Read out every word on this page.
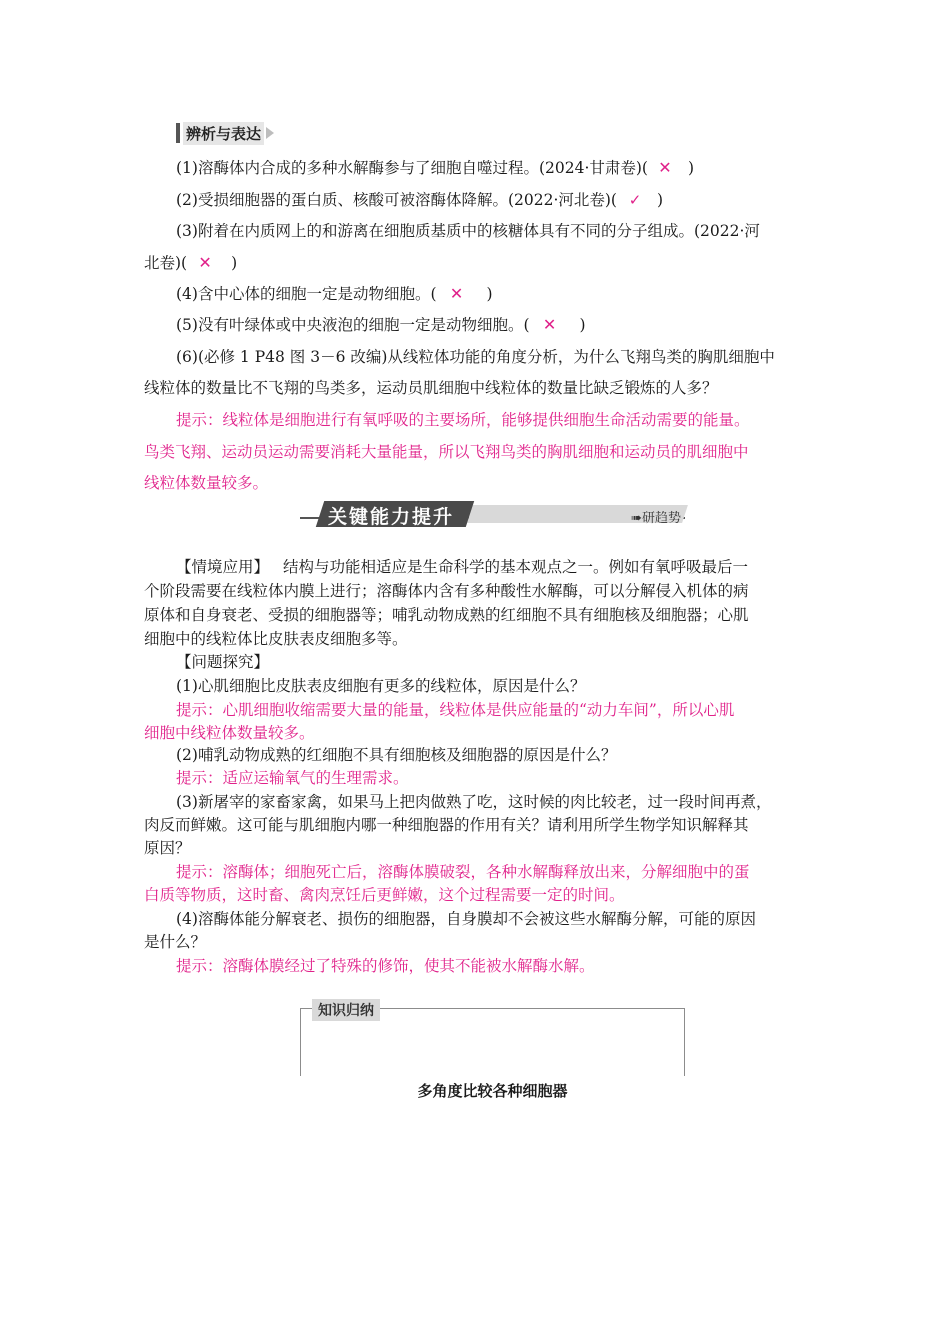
辨析与表达
(1)溶酶体内合成的多种水解酶参与了细胞自噬过程。(2024·甘肃卷)( ✕ )
(2)受损细胞器的蛋白质、核酸可被溶酶体降解。(2022·河北卷)( ✓ )
(3)附着在内质网上的和游离在细胞质基质中的核糖体具有不同的分子组成。(2022·河
北卷)( ✕ )
(4)含中心体的细胞一定是动物细胞。( ✕ )
(5)没有叶绿体或中央液泡的细胞一定是动物细胞。( ✕ )
(6)(必修 1 P48 图 3－6 改编)从线粒体功能的角度分析，为什么飞翔鸟类的胸肌细胞中
线粒体的数量比不飞翔的鸟类多，运动员肌细胞中线粒体的数量比缺乏锻炼的人多？
提示：线粒体是细胞进行有氧呼吸的主要场所，能够提供细胞生命活动需要的能量。
鸟类飞翔、运动员运动需要消耗大量能量，所以飞翔鸟类的胸肌细胞和运动员的肌细胞中
线粒体数量较多。
关键能力提升	➠研趋势
【情境应用】 结构与功能相适应是生命科学的基本观点之一。例如有氧呼吸最后一
个阶段需要在线粒体内膜上进行；溶酶体内含有多种酸性水解酶，可以分解侵入机体的病
原体和自身衰老、受损的细胞器等；哺乳动物成熟的红细胞不具有细胞核及细胞器；心肌
细胞中的线粒体比皮肤表皮细胞多等。
【问题探究】
(1)心肌细胞比皮肤表皮细胞有更多的线粒体，原因是什么？
提示：心肌细胞收缩需要大量的能量，线粒体是供应能量的“动力车间”，所以心肌
细胞中线粒体数量较多。
(2)哺乳动物成熟的红细胞不具有细胞核及细胞器的原因是什么？
提示：适应运输氧气的生理需求。
(3)新屠宰的家畜家禽，如果马上把肉做熟了吃，这时候的肉比较老，过一段时间再煮，
肉反而鲜嫩。这可能与肌细胞内哪一种细胞器的作用有关？请利用所学生物学知识解释其
原因？
提示：溶酶体；细胞死亡后，溶酶体膜破裂，各种水解酶释放出来，分解细胞中的蛋
白质等物质，这时畜、禽肉烹饪后更鲜嫩，这个过程需要一定的时间。
(4)溶酶体能分解衰老、损伤的细胞器，自身膜却不会被这些水解酶分解，可能的原因
是什么？
提示：溶酶体膜经过了特殊的修饰，使其不能被水解酶水解。
知识归纳
多角度比较各种细胞器
